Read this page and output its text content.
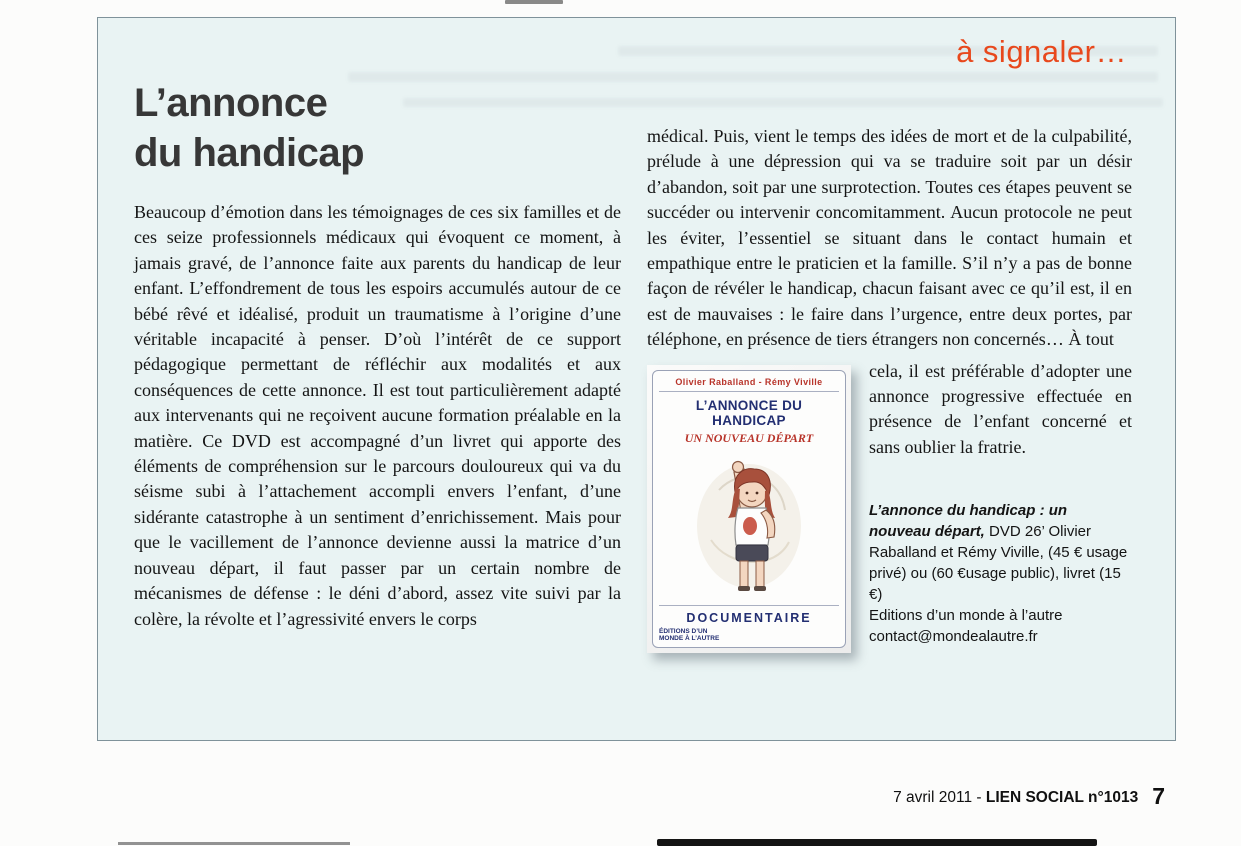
à signaler…
L’annonce
du handicap
Beaucoup d’émotion dans les témoignages de ces six familles et de ces seize professionnels médicaux qui évoquent ce moment, à jamais gravé, de l’annonce faite aux parents du handicap de leur enfant. L’effondrement de tous les espoirs accumulés autour de ce bébé rêvé et idéalisé, produit un traumatisme à l’origine d’une véritable incapacité à penser. D’où l’intérêt de ce support pédagogique permettant de réfléchir aux modalités et aux conséquences de cette annonce. Il est tout particulièrement adapté aux intervenants qui ne reçoivent aucune formation préalable en la matière. Ce DVD est accompagné d’un livret qui apporte des éléments de compréhension sur le parcours douloureux qui va du séisme subi à l’attachement accompli envers l’enfant, d’une sidérante catastrophe à un sentiment d’enrichissement. Mais pour que le vacillement de l’annonce devienne aussi la matrice d’un nouveau départ, il faut passer par un certain nombre de mécanismes de défense : le déni d’abord, assez vite suivi par la colère, la révolte et l’agressivité envers le corps

médical. Puis, vient le temps des idées de mort et de la culpabilité, prélude à une dépression qui va se traduire soit par un désir d’abandon, soit par une surprotection. Toutes ces étapes peuvent se succéder ou intervenir concomitamment. Aucun protocole ne peut les éviter, l’essentiel se situant dans le contact humain et empathique entre le praticien et la famille. S’il n’y a pas de bonne façon de révéler le handicap, chacun faisant avec ce qu’il est, il en est de mauvaises : le faire dans l’urgence, entre deux portes, par téléphone, en présence de tiers étrangers non concernés… À tout

Olivier Raballand - Rémy Viville
L’ANNONCE DU HANDICAP
UN NOUVEAU DÉPART
DOCUMENTAIRE
ÉDITIONS D’UN MONDE À L’AUTRE

cela, il est préférable d’adopter une annonce progressive effectuée en présence de l’enfant concerné et sans oublier la fratrie.

L’annonce du handicap : un nouveau départ, DVD 26’ Olivier Raballand et Rémy Viville, (45 € usage privé) ou (60 €usage public), livret (15 €)

Editions d’un monde à l’autre
contact@mondealautre.fr
7 avril 2011 - LIEN SOCIAL n°1013 7
